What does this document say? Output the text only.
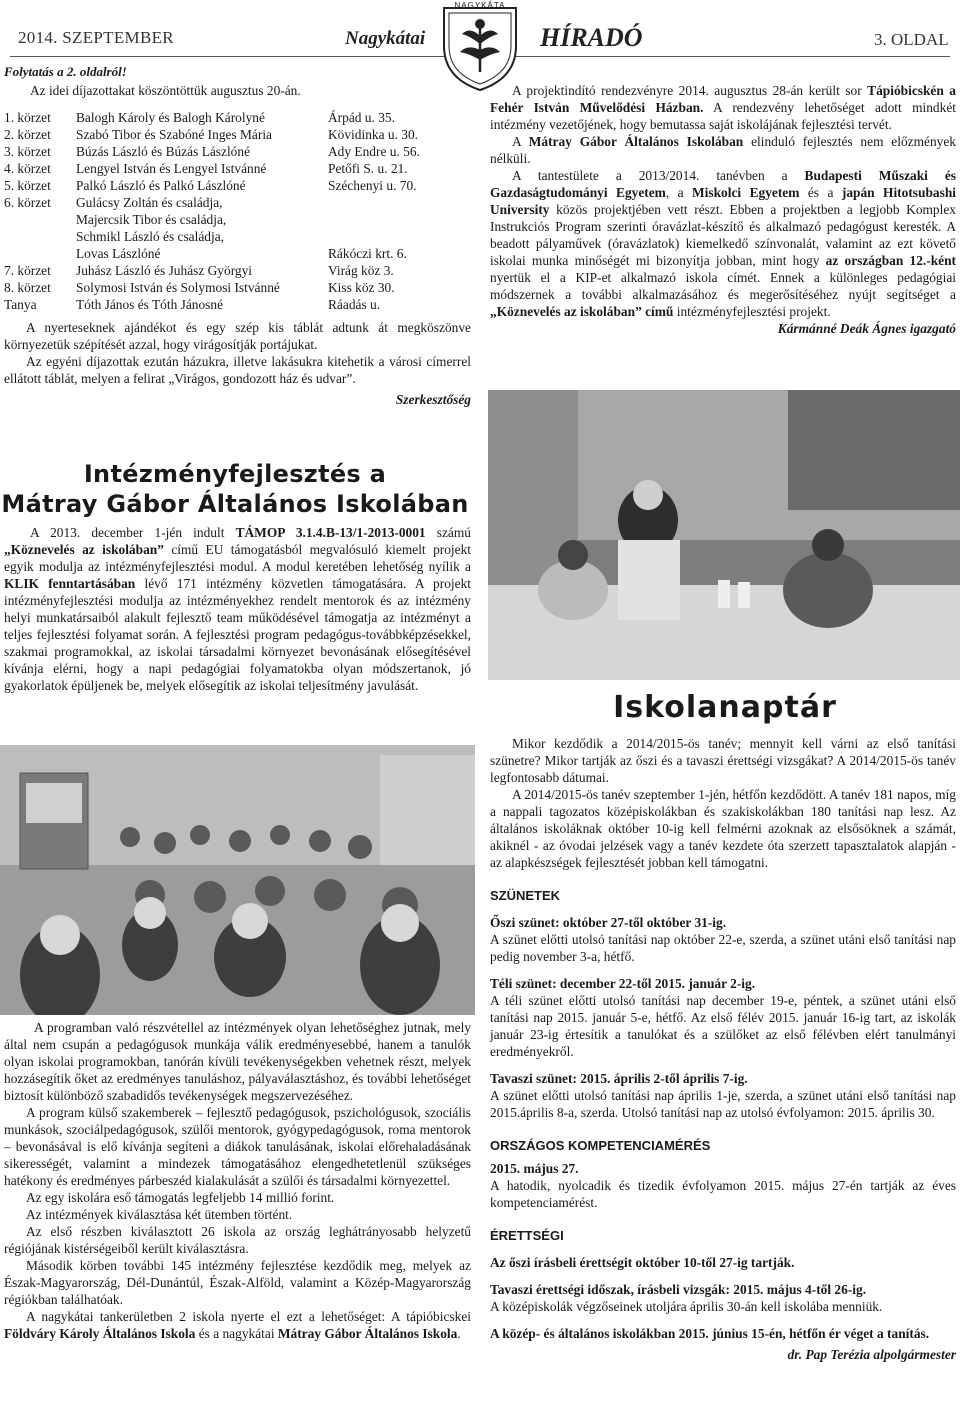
2014. SZEPTEMBER	Nagykátai	HÍRADÓ	3. OLDAL
NAGYKÁTA
Folytatás a 2. oldalról!

Az idei díjazottakat köszöntöttük augusztus 20-án.

1. körzet	Balogh Károly és Balogh Károlyné	Árpád u. 35.
2. körzet	Szabó Tibor és Szabóné Inges Mária	Kövidinka u. 30.
3. körzet	Búzás László és Búzás Lászlóné	Ady Endre u. 56.
4. körzet	Lengyel István és Lengyel Istvánné	Petőfi S. u. 21.
5. körzet	Palkó László és Palkó Lászlóné	Széchenyi u. 70.
6. körzet	Gulácsy Zoltán és családja,	
	Majercsik Tibor és családja,	
	Schmikl László és családja,	
	Lovas Lászlóné	Rákóczi krt. 6.
7. körzet	Juhász László és Juhász Györgyi	Virág köz 3.
8. körzet	Solymosi István és Solymosi Istvánné	Kiss köz 30.
Tanya	Tóth János és Tóth Jánosné	Ráadás u.

A nyerteseknek ajándékot és egy szép kis táblát adtunk át megköszönve környezetük szépítését azzal, hogy virágosítják portájukat.

Az egyéni díjazottak ezután házukra, illetve lakásukra kitehetik a városi címerrel ellátott táblát, melyen a felirat „Virágos, gondozott ház és udvar”.

Szerkesztőség

Intézményfejlesztés a
Mátray Gábor Általános Iskolában

A 2013. december 1-jén indult TÁMOP 3.1.4.B-13/1-2013-0001 számú „Köznevelés az iskolában” című EU támogatásból megvalósuló kiemelt projekt egyik modulja az intézményfejlesztési modul. A modul keretében lehetőség nyílik a KLIK fenntartásában lévő 171 intézmény közvetlen támogatására. A projekt intézményfejlesztési modulja az intézményekhez rendelt mentorok és az intézmény helyi munkatársaiból alakult fejlesztő team működésével támogatja az intézményt a teljes fejlesztési folyamat során. A fejlesztési program pedagógus-továbbképzésekkel, szakmai programokkal, az iskolai társadalmi környezet bevonásának elősegítésével kívánja elérni, hogy a napi pedagógiai folyamatokba olyan módszertanok, jó gyakorlatok épüljenek be, melyek elősegítik az iskolai teljesítmény javulását.

A programban való részvétellel az intézmények olyan lehetőséghez jutnak, mely által nem csupán a pedagógusok munkája válik eredményesebbé, hanem a tanulók olyan iskolai programokban, tanórán kívüli tevékenységekben vehetnek részt, melyek hozzásegítik őket az eredményes tanuláshoz, pályaválasztáshoz, és további lehetőséget biztosít különböző szabadidős tevékenységek megszervezéséhez.

A program külső szakemberek – fejlesztő pedagógusok, pszichológusok, szociális munkások, szociálpedagógusok, szülői mentorok, gyógypedagógusok, roma mentorok – bevonásával is elő kívánja segíteni a diákok tanulásának, iskolai előrehaladásának sikerességét, valamint a mindezek támogatásához elengedhetetlenül szükséges hatékony és eredményes párbeszéd kialakulását a szülői és társadalmi környezettel.

Az egy iskolára eső támogatás legfeljebb 14 millió forint.

Az intézmények kiválasztása két ütemben történt.

Az első részben kiválasztott 26 iskola az ország leghátrányosabb helyzetű régiójának kistérségeiből került kiválasztásra.

Második körben további 145 intézmény fejlesztése kezdődik meg, melyek az Észak-Magyarország, Dél-Dunántúl, Észak-Alföld, valamint a Közép-Magyarország régiókban találhatóak.

A nagykátai tankerületben 2 iskola nyerte el ezt a lehetőséget: A tápióbicskei Földváry Károly Általános Iskola és a nagykátai Mátray Gábor Általános Iskola.

A projektindító rendezvényre 2014. augusztus 28-án került sor Tápióbicskén a Fehér István Művelődési Házban. A rendezvény lehetőséget adott mindkét intézmény vezetőjének, hogy bemutassa saját iskolájának fejlesztési tervét.

A Mátray Gábor Általános Iskolában elinduló fejlesztés nem előzmények nélküli.

A tantestülete a 2013/2014. tanévben a Budapesti Műszaki és Gazdaságtudományi Egyetem, a Miskolci Egyetem és a japán Hitotsubashi University közös projektjében vett részt. Ebben a projektben a legjobb Komplex Instrukciós Program szerinti óravázlat-készítő és alkalmazó pedagógust keresték. A beadott pályaművek (óravázlatok) kiemelkedő színvonalát, valamint az ezt követő iskolai munka minőségét mi bizonyítja jobban, mint hogy az országban 12.-ként nyertük el a KIP-et alkalmazó iskola címét. Ennek a különleges pedagógiai módszernek a további alkalmazásához és megerősítéséhez nyújt segítséget a „Köznevelés az iskolában” című intézményfejlesztési projekt.

Kármánné Deák Ágnes igazgató

Iskolanaptár

Mikor kezdődik a 2014/2015-ös tanév; mennyit kell várni az első tanítási szünetre? Mikor tartják az őszi és a tavaszi érettségi vizsgákat? A 2014/2015-ös tanév legfontosabb dátumai.

A 2014/2015-ös tanév szeptember 1-jén, hétfőn kezdődött. A tanév 181 napos, míg a nappali tagozatos középiskolákban és szakiskolákban 180 tanítási nap lesz. Az általános iskoláknak október 10-ig kell felmérni azoknak az elsősöknek a számát, akiknél - az óvodai jelzések vagy a tanév kezdete óta szerzett tapasztalatok alapján - az alapkészségek fejlesztését jobban kell támogatni.

SZÜNETEK

Őszi szünet: október 27-től október 31-ig.

A szünet előtti utolsó tanítási nap október 22-e, szerda, a szünet utáni első tanítási nap pedig november 3-a, hétfő.

Téli szünet: december 22-től 2015. január 2-ig.

A téli szünet előtti utolsó tanítási nap december 19-e, péntek, a szünet utáni első tanítási nap 2015. január 5-e, hétfő. Az első félév 2015. január 16-ig tart, az iskolák január 23-ig értesítik a tanulókat és a szülőket az első félévben elért tanulmányi eredményekről.

Tavaszi szünet: 2015. április 2-től április 7-ig.

A szünet előtti utolsó tanítási nap április 1-je, szerda, a szünet utáni első tanítási nap 2015.április 8-a, szerda. Utolsó tanítási nap az utolsó évfolyamon: 2015. április 30.

ORSZÁGOS KOMPETENCIAMÉRÉS

2015. május 27.

A hatodik, nyolcadik és tizedik évfolyamon 2015. május 27-én tartják az éves kompetenciamérést.

ÉRETTSÉGI

Az őszi írásbeli érettségit október 10-től 27-ig tartják.

Tavaszi érettségi időszak, írásbeli vizsgák: 2015. május 4-től 26-ig.

A középiskolák végzőseinek utoljára április 30-án kell iskolába menniük.

A közép- és általános iskolákban 2015. június 15-én, hétfőn ér véget a tanítás.

dr. Pap Terézia alpolgármester
